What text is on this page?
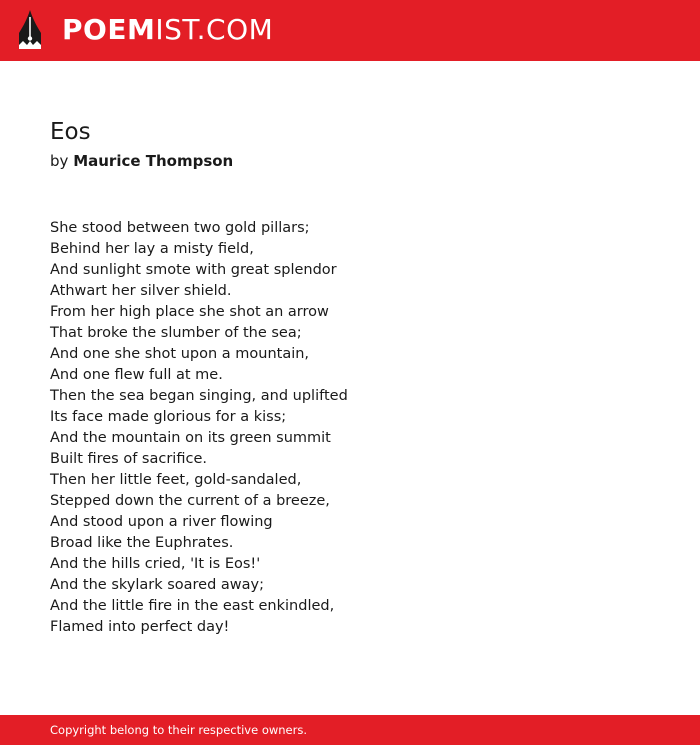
POEMIST.COM
Eos
by Maurice Thompson
She stood between two gold pillars;
Behind her lay a misty field,
And sunlight smote with great splendor
Athwart her silver shield.
From her high place she shot an arrow
That broke the slumber of the sea;
And one she shot upon a mountain,
And one flew full at me.
Then the sea began singing, and uplifted
Its face made glorious for a kiss;
And the mountain on its green summit
Built fires of sacrifice.
Then her little feet, gold-sandaled,
Stepped down the current of a breeze,
And stood upon a river flowing
Broad like the Euphrates.
And the hills cried, 'It is Eos!'
And the skylark soared away;
And the little fire in the east enkindled,
Flamed into perfect day!
Copyright belong to their respective owners.
